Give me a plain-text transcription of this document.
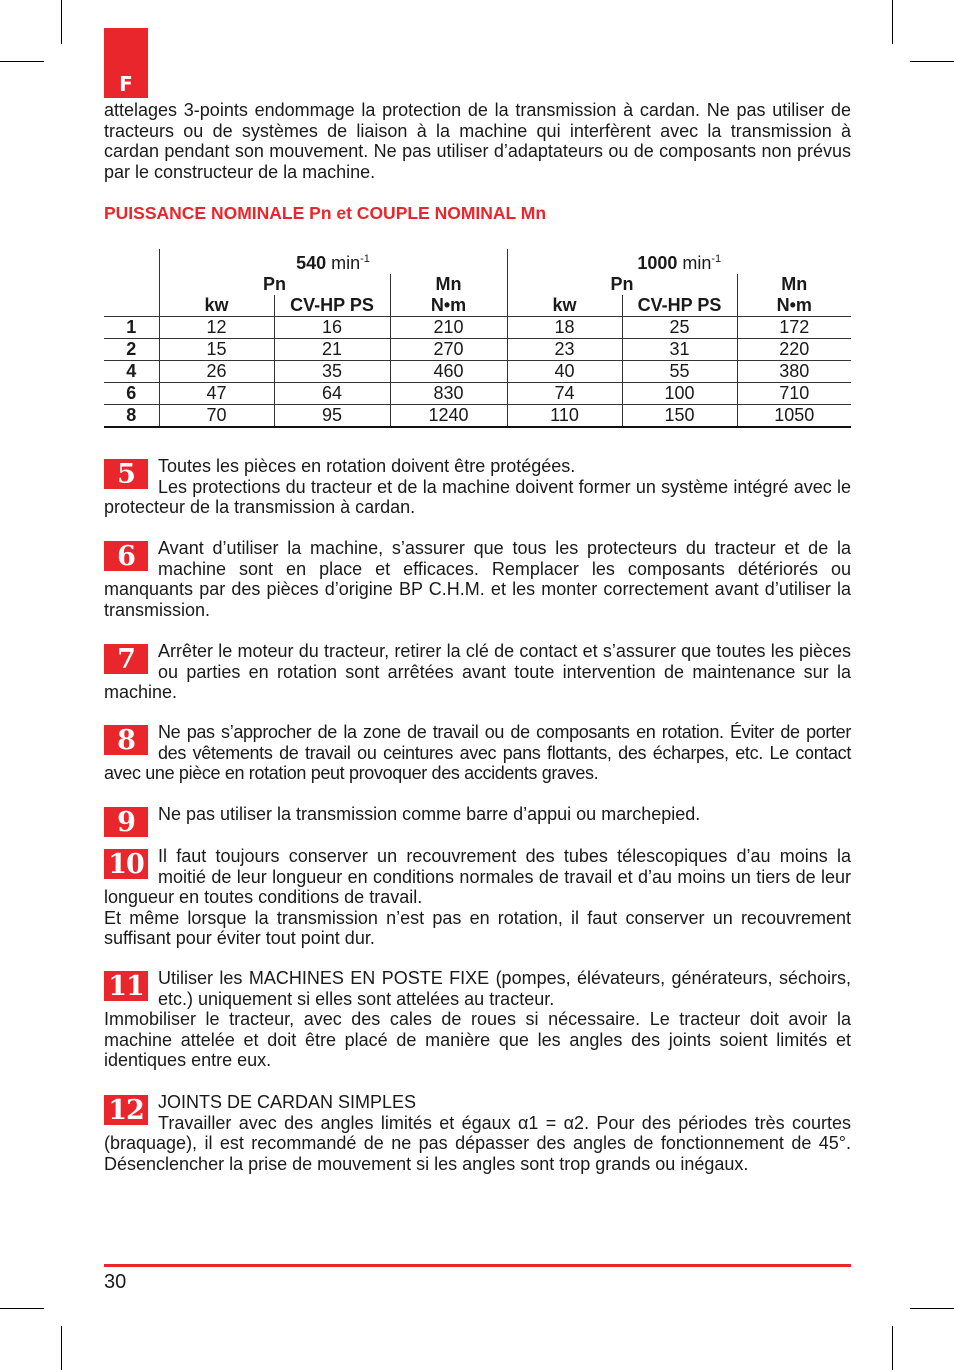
F

attelages 3-points endommage la protection de la transmission à cardan. Ne pas utiliser de tracteurs ou de systèmes de liaison à la machine qui interfèrent avec la transmission à cardan pendant son mouvement. Ne pas utiliser d’adaptateurs ou de composants non prévus par le constructeur de la machine.

PUISSANCE NOMINALE Pn et COUPLE NOMINAL Mn

	540 $\min^{-1}$			1000 $\min^{-1}$
	Pn		Mn	Pn		Mn
	kw	CV-HP PS	N•m	kw	CV-HP PS	N•m
1	12	16	210	18	25	172
2	15	21	270	23	31	220
4	26	35	460	40	55	380
6	47	64	830	74	100	710
8	70	95	1240	110	150	1050
5	Toutes les pièces en rotation doivent être protégées.

Les protections du tracteur et de la machine doivent former un système intégré avec le protecteur de la transmission à cardan.

6	Avant d’utiliser la machine, s’assurer que tous les protecteurs du tracteur et de la machine sont en place et efficaces. Remplacer les composants détériorés ou manquants par des pièces d’origine BP C.H.M. et les monter correctement avant d’utiliser la transmission.

7	Arrêter le moteur du tracteur, retirer la clé de contact et s’assurer que toutes les pièces ou parties en rotation sont arrêtées avant toute intervention de maintenance sur la machine.

8	Ne pas s’approcher de la zone de travail ou de composants en rotation. Éviter de porter des vêtements de travail ou ceintures avec pans flottants, des écharpes, etc. Le contact avec une pièce en rotation peut provoquer des accidents graves.

9	Ne pas utiliser la transmission comme barre d’appui ou marchepied.

10 Il faut toujours conserver un recouvrement des tubes télescopiques d’au moins la moitié de leur longueur en conditions normales de travail et d’au moins un tiers de leur longueur en toutes conditions de travail.

Et même lorsque la transmission n’est pas en rotation, il faut conserver un recouvrement suffisant pour éviter tout point dur.

11 Utiliser les MACHINES EN POSTE FIXE (pompes, élévateurs, générateurs, séchoirs, etc.) uniquement si elles sont attelées au tracteur.

Immobiliser le tracteur, avec des cales de roues si nécessaire. Le tracteur doit avoir la machine attelée et doit être placé de manière que les angles des joints soient limités et identiques entre eux.

12 JOINTS DE CARDAN SIMPLES

Travailler avec des angles limités et égaux α1 = α2. Pour des périodes très courtes (braquage), il est recommandé de ne pas dépasser des angles de fonctionnement de 45°. Désenclencher la prise de mouvement si les angles sont trop grands ou inégaux.

30
